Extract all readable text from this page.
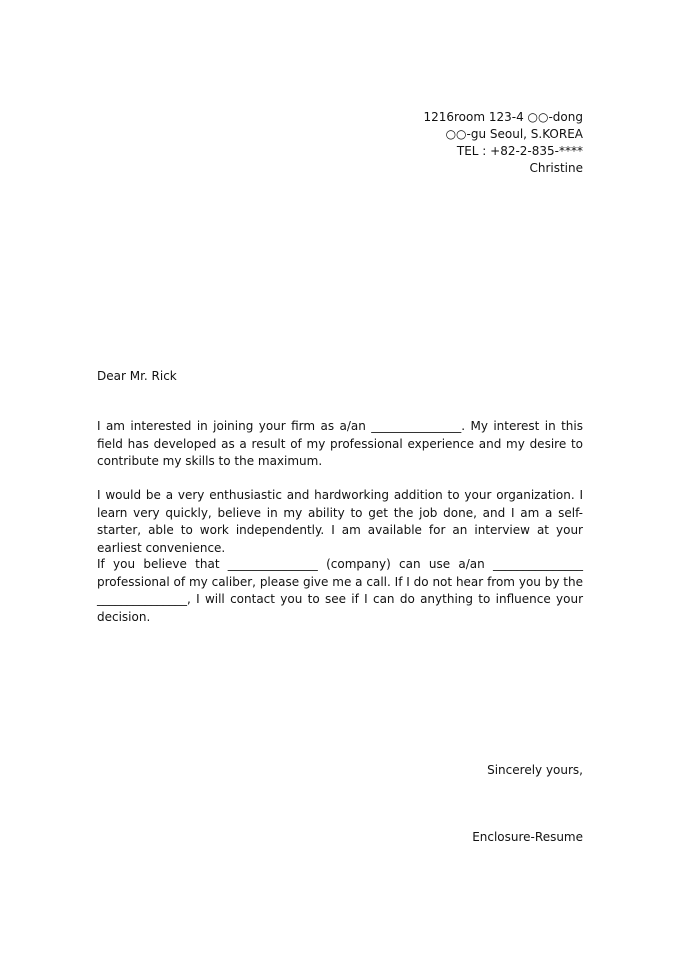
1216room 123-4 ○○-dong
○○-gu Seoul, S.KOREA
TEL : +82-2-835-****
Christine
Dear Mr. Rick

I am interested in joining your firm as a/an _______________. My interest in this field has developed as a result of my professional experience and my desire to contribute my skills to the maximum.

I would be a very enthusiastic and hardworking addition to your organization. I learn very quickly, believe in my ability to get the job done, and I am a self-starter, able to work independently. I am available for an interview at your earliest convenience.

If you believe that _______________ (company) can use a/an _______________ professional of my caliber, please give me a call. If I do not hear from you by the _______________, I will contact you to see if I can do anything to influence your decision.

Sincerely yours,
Enclosure-Resume
